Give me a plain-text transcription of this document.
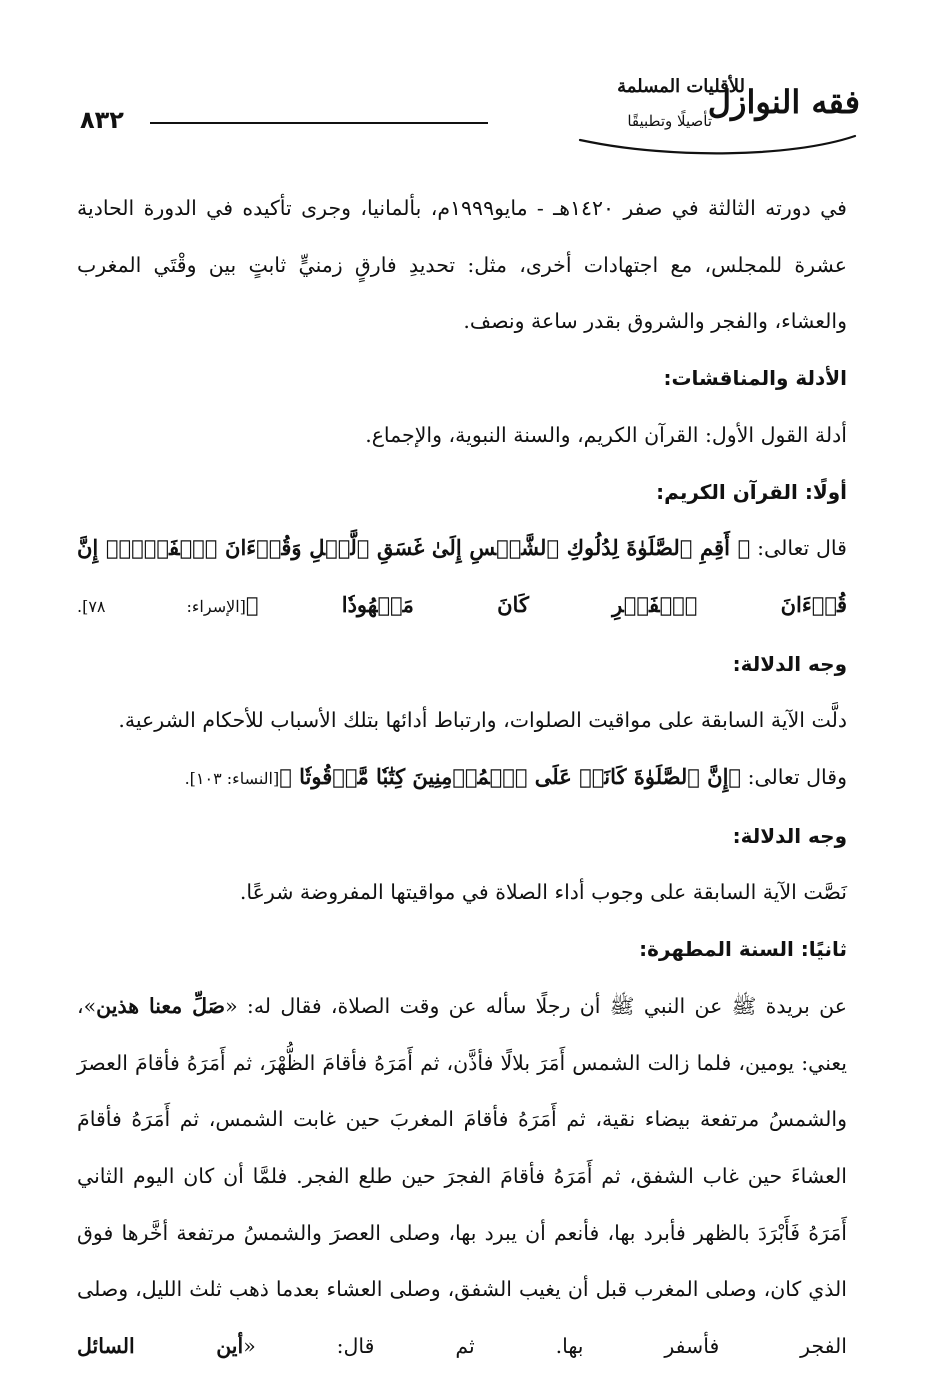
٨٣٢
للأقليات المسلمة
فقه النوازل
تأصيلًا وتطبيقًا

في دورته الثالثة في صفر ١٤٢٠هـ - مايو١٩٩٩م، بألمانيا، وجرى تأكيده في الدورة الحادية عشرة للمجلس، مع اجتهادات أخرى، مثل: تحديدِ فارقٍ زمنيٍّ ثابتٍ بين وقْتَي المغرب والعشاء، والفجر والشروق بقدر ساعة ونصف.

الأدلة والمناقشات:

أدلة القول الأول: القرآن الكريم، والسنة النبوية، والإجماع.

أولًا: القرآن الكريم:

قال تعالى: ﴿ أَقِمِ ٱلصَّلَوٰةَ لِدُلُوكِ ٱلشَّمۡسِ إِلَىٰ غَسَقِ ٱلَّيۡلِ وَقُرۡءَانَ ٱلۡفَجۡرِۖ إِنَّ قُرۡءَانَ ٱلۡفَجۡرِ كَانَ مَشۡهُودٗا ﴾[الإسراء: ٧٨].

وجه الدلالة:

دلَّت الآية السابقة على مواقيت الصلوات، وارتباط أدائها بتلك الأسباب للأحكام الشرعية.

وقال تعالى: ﴿إِنَّ ٱلصَّلَوٰةَ كَانَتۡ عَلَى ٱلۡمُؤۡمِنِينَ كِتَٰبٗا مَّوۡقُوتٗا ﴾[النساء: ١٠٣].

وجه الدلالة:

نَصَّت الآية السابقة على وجوب أداء الصلاة في مواقيتها المفروضة شرعًا.

ثانيًا: السنة المطهرة:

عن بريدة ﷺ عن النبي ﷺ أن رجلًا سأله عن وقت الصلاة، فقال له: «صَلِّ معنا هذين»، يعني: يومين، فلما زالت الشمس أَمَرَ بلالًا فأذَّن، ثم أَمَرَهُ فأقامَ الظُّهْرَ، ثم أَمَرَهُ فأقامَ العصرَ والشمسُ مرتفعة بيضاء نقية، ثم أَمَرَهُ فأقامَ المغربَ حين غابت الشمس، ثم أَمَرَهُ فأقامَ العشاءَ حين غاب الشفق، ثم أَمَرَهُ فأقامَ الفجرَ حين طلع الفجر. فلمَّا أن كان اليوم الثاني أَمَرَهُ فَأَبْرَدَ بالظهر فأبرد بها، فأنعم أن يبرد بها، وصلى العصرَ والشمسُ مرتفعة أخَّرها فوق الذي كان، وصلى المغرب قبل أن يغيب الشفق، وصلى العشاء بعدما ذهب ثلث الليل، وصلى الفجر فأسفر بها. ثم قال: «أين السائل
